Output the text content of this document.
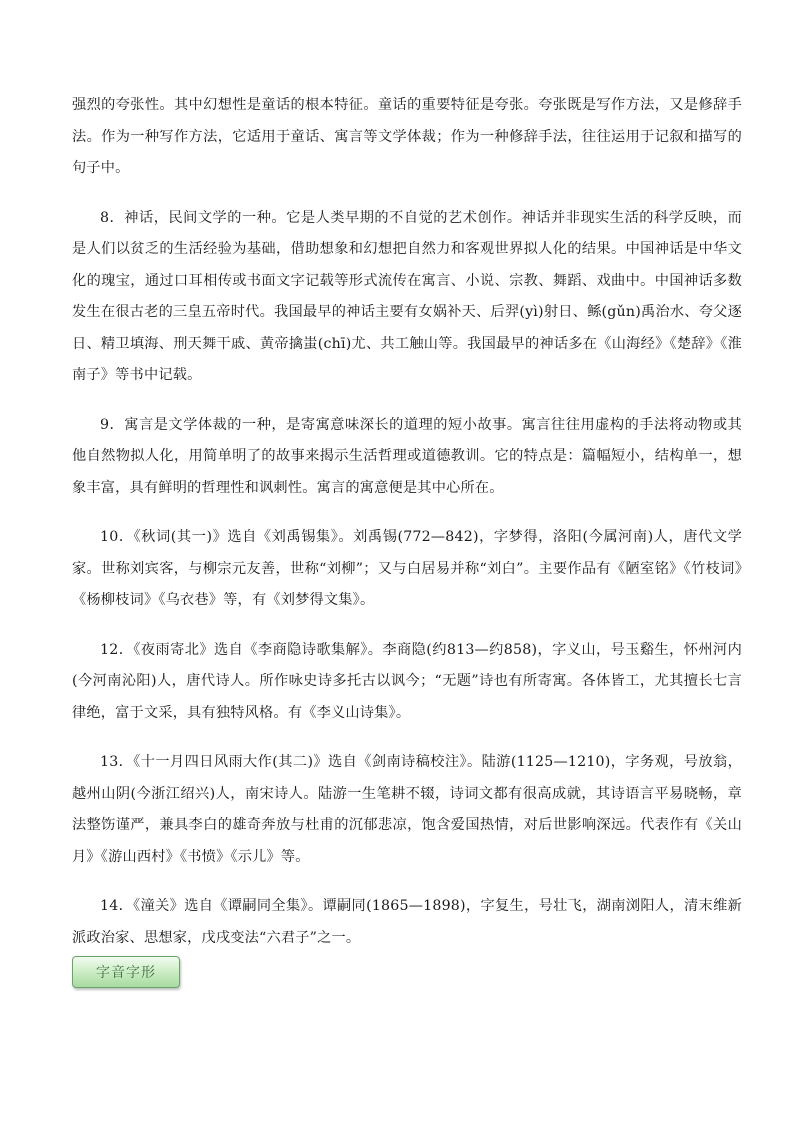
强烈的夸张性。其中幻想性是童话的根本特征。童话的重要特征是夸张。夸张既是写作方法，又是修辞手法。作为一种写作方法，它适用于童话、寓言等文学体裁；作为一种修辞手法，往往运用于记叙和描写的句子中。

8．神话，民间文学的一种。它是人类早期的不自觉的艺术创作。神话并非现实生活的科学反映，而是人们以贫乏的生活经验为基础，借助想象和幻想把自然力和客观世界拟人化的结果。中国神话是中华文化的瑰宝，通过口耳相传或书面文字记载等形式流传在寓言、小说、宗教、舞蹈、戏曲中。中国神话多数发生在很古老的三皇五帝时代。我国最早的神话主要有女娲补天、后羿(yì)射日、鲧(gǔn)禹治水、夸父逐日、精卫填海、刑天舞干戚、黄帝擒蚩(chī)尤、共工触山等。我国最早的神话多在《山海经》《楚辞》《淮南子》等书中记载。

9．寓言是文学体裁的一种，是寄寓意味深长的道理的短小故事。寓言往往用虚构的手法将动物或其他自然物拟人化，用简单明了的故事来揭示生活哲理或道德教训。它的特点是：篇幅短小，结构单一，想象丰富，具有鲜明的哲理性和讽刺性。寓言的寓意便是其中心所在。

10．《秋词(其一)》选自《刘禹锡集》。刘禹锡(772—842)，字梦得，洛阳(今属河南)人，唐代文学家。世称刘宾客，与柳宗元友善，世称“刘柳”；又与白居易并称“刘白”。主要作品有《陋室铭》《竹枝词》《杨柳枝词》《乌衣巷》等，有《刘梦得文集》。

12．《夜雨寄北》选自《李商隐诗歌集解》。李商隐(约813—约858)，字义山，号玉谿生，怀州河内(今河南沁阳)人，唐代诗人。所作咏史诗多托古以讽今；“无题”诗也有所寄寓。各体皆工，尤其擅长七言律绝，富于文采，具有独特风格。有《李义山诗集》。

13．《十一月四日风雨大作(其二)》选自《剑南诗稿校注》。陆游(1125—1210)，字务观，号放翁，越州山阴(今浙江绍兴)人，南宋诗人。陆游一生笔耕不辍，诗词文都有很高成就，其诗语言平易晓畅，章法整饬谨严，兼具李白的雄奇奔放与杜甫的沉郁悲凉，饱含爱国热情，对后世影响深远。代表作有《关山月》《游山西村》《书愤》《示儿》等。

14．《潼关》选自《谭嗣同全集》。谭嗣同(1865—1898)，字复生，号壮飞，湖南浏阳人，清末维新派政治家、思想家，戊戌变法“六君子”之一。

字音字形
